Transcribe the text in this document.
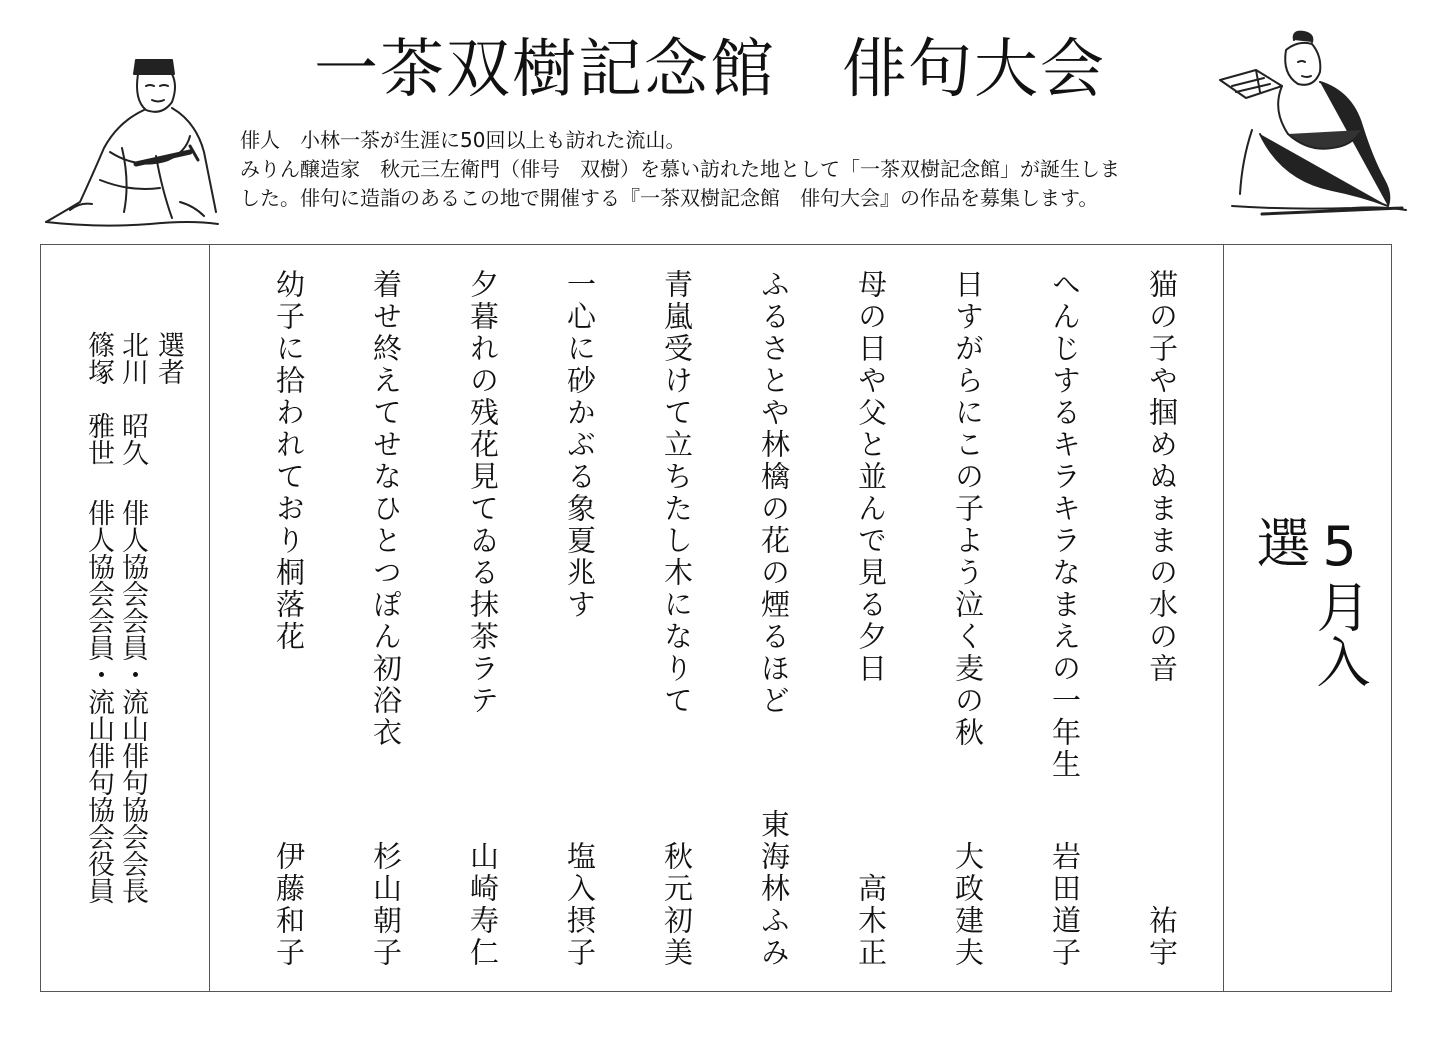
一茶双樹記念館　俳句大会
俳人　小林一茶が生涯に50回以上も訪れた流山。
みりん醸造家　秋元三左衛門（俳号　双樹）を慕い訪れた地として「一茶双樹記念館」が誕生しま
した。俳句に造詣のあるこの地で開催する『一茶双樹記念館　俳句大会』の作品を募集します。
5月入選
選者
北川　昭久
篠塚　雅世
俳人協会会員・流山俳句協会会長
俳人協会会員・流山俳句協会役員
猫の子や掴めぬままの水の音
祐宇
へんじするキラキラなまえの一年生
岩田道子
日すがらにこの子よう泣く麦の秋
大政建夫
母の日や父と並んで見る夕日
高木正
ふるさとや林檎の花の煙るほど
東海林ふみ
青嵐受けて立ちたし木になりて
秋元初美
一心に砂かぶる象夏兆す
塩入摂子
夕暮れの残花見てゐる抹茶ラテ
山崎寿仁
着せ終えてせなひとつぽん初浴衣
杉山朝子
幼子に拾われており桐落花
伊藤和子
